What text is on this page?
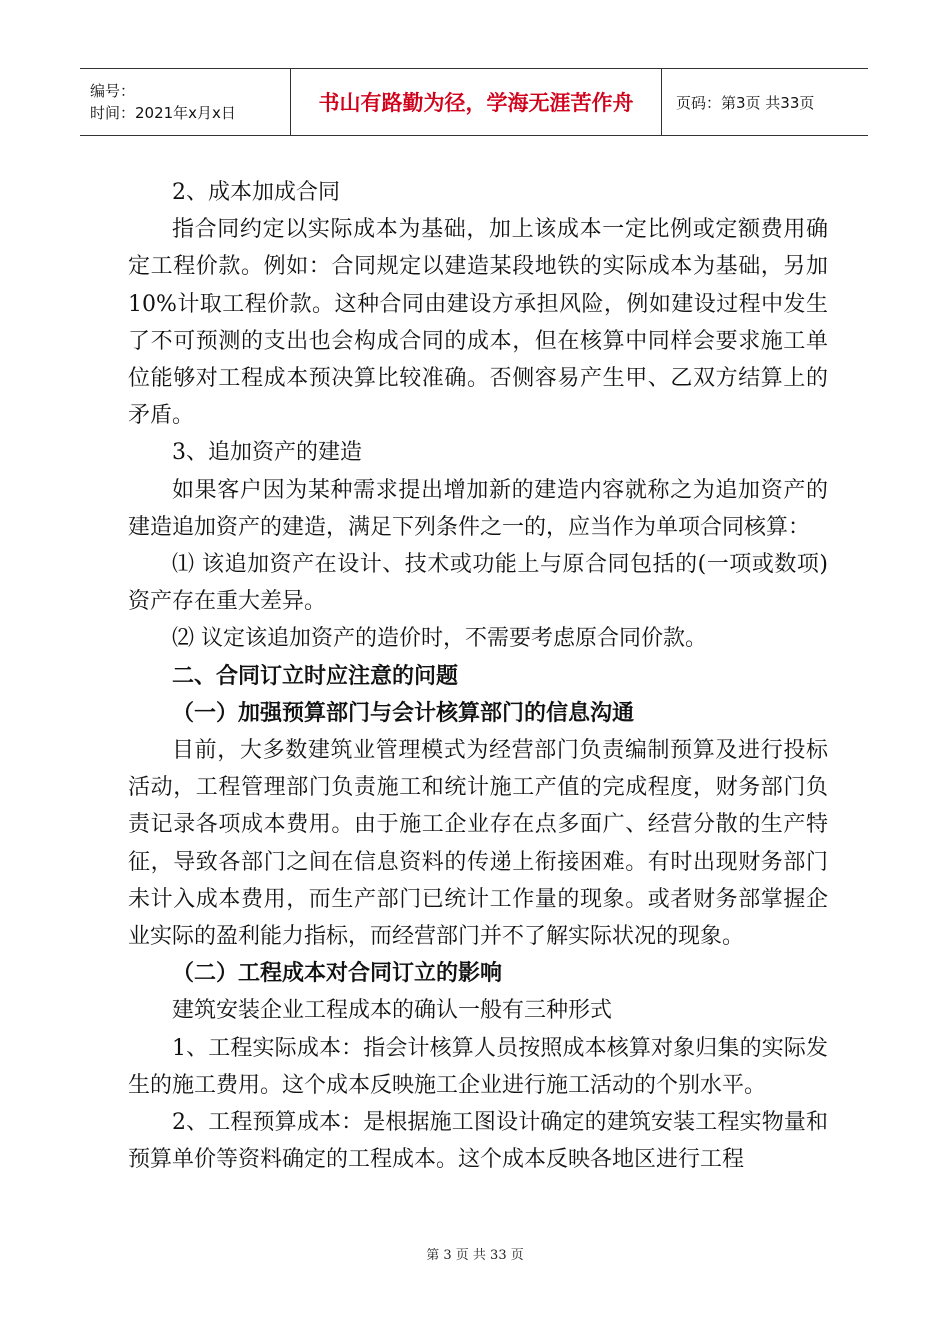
编号：
时间：2021年x月x日	书山有路勤为径，学海无涯苦作舟	页码：第3页 共33页

2、成本加成合同

指合同约定以实际成本为基础，加上该成本一定比例或定额费用确定工程价款。例如：合同规定以建造某段地铁的实际成本为基础，另加10%计取工程价款。这种合同由建设方承担风险，例如建设过程中发生了不可预测的支出也会构成合同的成本，但在核算中同样会要求施工单位能够对工程成本预决算比较准确。否侧容易产生甲、乙双方结算上的矛盾。

3、追加资产的建造

如果客户因为某种需求提出增加新的建造内容就称之为追加资产的建造追加资产的建造，满足下列条件之一的，应当作为单项合同核算：

⑴ 该追加资产在设计、技术或功能上与原合同包括的(一项或数项)资产存在重大差异。

⑵ 议定该追加资产的造价时，不需要考虑原合同价款。

二、合同订立时应注意的问题

（一）加强预算部门与会计核算部门的信息沟通

目前，大多数建筑业管理模式为经营部门负责编制预算及进行投标活动，工程管理部门负责施工和统计施工产值的完成程度，财务部门负责记录各项成本费用。由于施工企业存在点多面广、经营分散的生产特征，导致各部门之间在信息资料的传递上衔接困难。有时出现财务部门未计入成本费用，而生产部门已统计工作量的现象。或者财务部掌握企业实际的盈利能力指标，而经营部门并不了解实际状况的现象。

（二）工程成本对合同订立的影响

建筑安装企业工程成本的确认一般有三种形式

1、工程实际成本：指会计核算人员按照成本核算对象归集的实际发生的施工费用。这个成本反映施工企业进行施工活动的个别水平。

2、工程预算成本：是根据施工图设计确定的建筑安装工程实物量和预算单价等资料确定的工程成本。这个成本反映各地区进行工程

第 3 页 共 33 页
